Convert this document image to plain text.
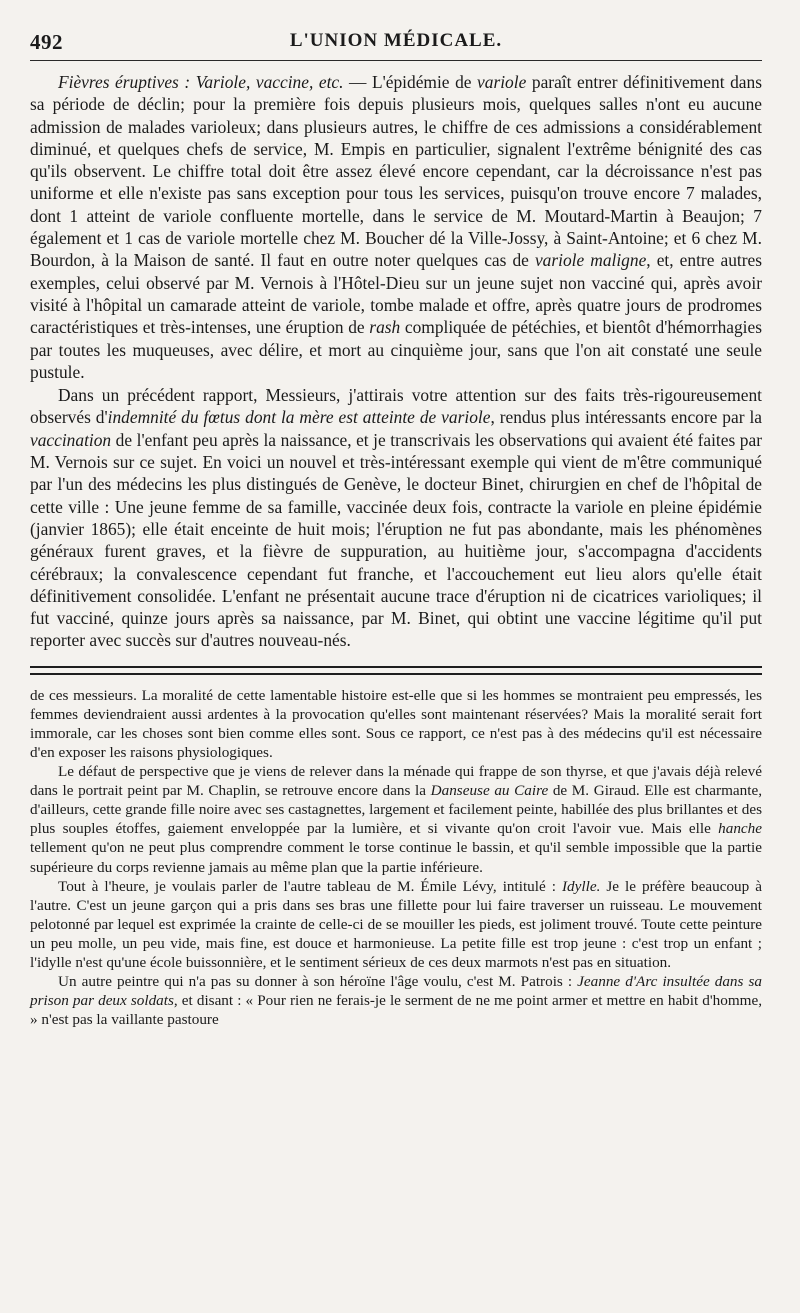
492	L'UNION MÉDICALE.

Fièvres éruptives : Variole, vaccine, etc. — L'épidémie de variole paraît entrer définitivement dans sa période de déclin; pour la première fois depuis plusieurs mois, quelques salles n'ont eu aucune admission de malades varioleux; dans plusieurs autres, le chiffre de ces admissions a considérablement diminué, et quelques chefs de service, M. Empis en particulier, signalent l'extrême bénignité des cas qu'ils observent. Le chiffre total doit être assez élevé encore cependant, car la décroissance n'est pas uniforme et elle n'existe pas sans exception pour tous les services, puisqu'on trouve encore 7 malades, dont 1 atteint de variole confluente mortelle, dans le service de M. Moutard-Martin à Beaujon; 7 également et 1 cas de variole mortelle chez M. Boucher dé la Ville-Jossy, à Saint-Antoine; et 6 chez M. Bourdon, à la Maison de santé. Il faut en outre noter quelques cas de variole maligne, et, entre autres exemples, celui observé par M. Vernois à l'Hôtel-Dieu sur un jeune sujet non vacciné qui, après avoir visité à l'hôpital un camarade atteint de variole, tombe malade et offre, après quatre jours de prodromes caractéristiques et très-intenses, une éruption de rash compliquée de pétéchies, et bientôt d'hémorrhagies par toutes les muqueuses, avec délire, et mort au cinquième jour, sans que l'on ait constaté une seule pustule.

Dans un précédent rapport, Messieurs, j'attirais votre attention sur des faits très-rigoureusement observés d'indemnité du fœtus dont la mère est atteinte de variole, rendus plus intéressants encore par la vaccination de l'enfant peu après la naissance, et je transcrivais les observations qui avaient été faites par M. Vernois sur ce sujet. En voici un nouvel et très-intéressant exemple qui vient de m'être communiqué par l'un des médecins les plus distingués de Genève, le docteur Binet, chirurgien en chef de l'hôpital de cette ville : Une jeune femme de sa famille, vaccinée deux fois, contracte la variole en pleine épidémie (janvier 1865); elle était enceinte de huit mois; l'éruption ne fut pas abondante, mais les phénomènes généraux furent graves, et la fièvre de suppuration, au huitième jour, s'accompagna d'accidents cérébraux; la convalescence cependant fut franche, et l'accouchement eut lieu alors qu'elle était définitivement consolidée. L'enfant ne présentait aucune trace d'éruption ni de cicatrices varioliques; il fut vacciné, quinze jours après sa naissance, par M. Binet, qui obtint une vaccine légitime qu'il put reporter avec succès sur d'autres nouveau-nés.

de ces messieurs. La moralité de cette lamentable histoire est-elle que si les hommes se montraient peu empressés, les femmes deviendraient aussi ardentes à la provocation qu'elles sont maintenant réservées? Mais la moralité serait fort immorale, car les choses sont bien comme elles sont. Sous ce rapport, ce n'est pas à des médecins qu'il est nécessaire d'en exposer les raisons physiologiques.

Le défaut de perspective que je viens de relever dans la ménade qui frappe de son thyrse, et que j'avais déjà relevé dans le portrait peint par M. Chaplin, se retrouve encore dans la Danseuse au Caire de M. Giraud. Elle est charmante, d'ailleurs, cette grande fille noire avec ses castagnettes, largement et facilement peinte, habillée des plus brillantes et des plus souples étoffes, gaiement enveloppée par la lumière, et si vivante qu'on croit l'avoir vue. Mais elle hanche tellement qu'on ne peut plus comprendre comment le torse continue le bassin, et qu'il semble impossible que la partie supérieure du corps revienne jamais au même plan que la partie inférieure.

Tout à l'heure, je voulais parler de l'autre tableau de M. Émile Lévy, intitulé : Idylle. Je le préfère beaucoup à l'autre. C'est un jeune garçon qui a pris dans ses bras une fillette pour lui faire traverser un ruisseau. Le mouvement pelotonné par lequel est exprimée la crainte de celle-ci de se mouiller les pieds, est joliment trouvé. Toute cette peinture un peu molle, un peu vide, mais fine, est douce et harmonieuse. La petite fille est trop jeune : c'est trop un enfant ; l'idylle n'est qu'une école buissonnière, et le sentiment sérieux de ces deux marmots n'est pas en situation.

Un autre peintre qui n'a pas su donner à son héroïne l'âge voulu, c'est M. Patrois : Jeanne d'Arc insultée dans sa prison par deux soldats, et disant : « Pour rien ne ferais-je le serment de ne me point armer et mettre en habit d'homme, » n'est pas la vaillante pastoure
